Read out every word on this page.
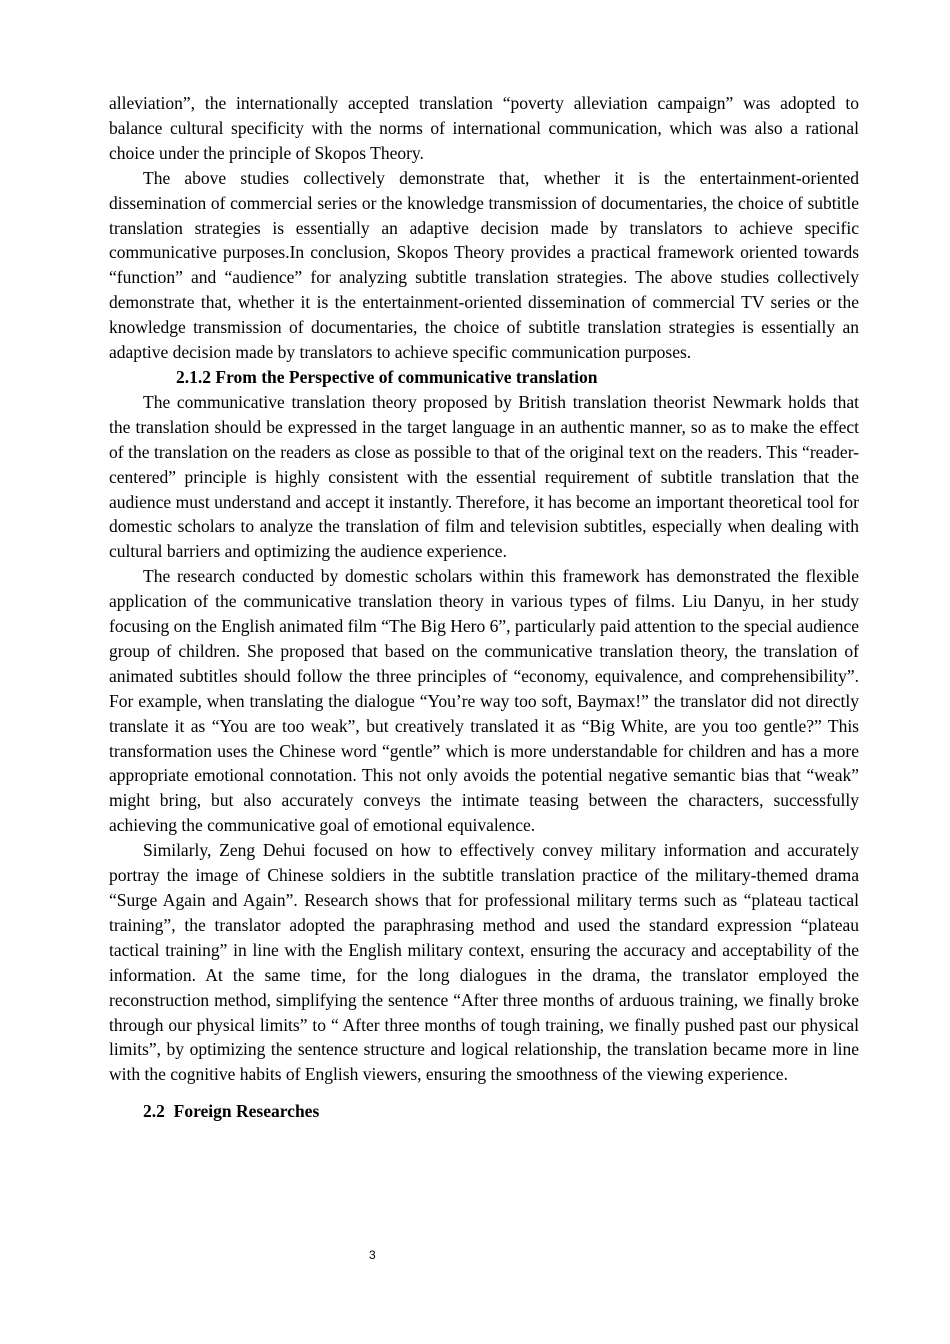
alleviation”, the internationally accepted translation “poverty alleviation campaign” was adopted to balance cultural specificity with the norms of international communication, which was also a rational choice under the principle of Skopos Theory.

The above studies collectively demonstrate that, whether it is the entertainment-oriented dissemination of commercial series or the knowledge transmission of documentaries, the choice of subtitle translation strategies is essentially an adaptive decision made by translators to achieve specific communicative purposes.In conclusion, Skopos Theory provides a practical framework oriented towards “function” and “audience” for analyzing subtitle translation strategies. The above studies collectively demonstrate that, whether it is the entertainment-oriented dissemination of commercial TV series or the knowledge transmission of documentaries, the choice of subtitle translation strategies is essentially an adaptive decision made by translators to achieve specific communication purposes.

2.1.2 From the Perspective of communicative translation

The communicative translation theory proposed by British translation theorist Newmark holds that the translation should be expressed in the target language in an authentic manner, so as to make the effect of the translation on the readers as close as possible to that of the original text on the readers. This “reader-centered” principle is highly consistent with the essential requirement of subtitle translation that the audience must understand and accept it instantly. Therefore, it has become an important theoretical tool for domestic scholars to analyze the translation of film and television subtitles, especially when dealing with cultural barriers and optimizing the audience experience.

The research conducted by domestic scholars within this framework has demonstrated the flexible application of the communicative translation theory in various types of films. Liu Danyu, in her study focusing on the English animated film “The Big Hero 6”, particularly paid attention to the special audience group of children. She proposed that based on the communicative translation theory, the translation of animated subtitles should follow the three principles of “economy, equivalence, and comprehensibility”. For example, when translating the dialogue “You’re way too soft, Baymax!” the translator did not directly translate it as “You are too weak”, but creatively translated it as “Big White, are you too gentle?” This transformation uses the Chinese word “gentle” which is more understandable for children and has a more appropriate emotional connotation. This not only avoids the potential negative semantic bias that “weak” might bring, but also accurately conveys the intimate teasing between the characters, successfully achieving the communicative goal of emotional equivalence.

Similarly, Zeng Dehui focused on how to effectively convey military information and accurately portray the image of Chinese soldiers in the subtitle translation practice of the military-themed drama “Surge Again and Again”. Research shows that for professional military terms such as “plateau tactical training”, the translator adopted the paraphrasing method and used the standard expression “plateau tactical training” in line with the English military context, ensuring the accuracy and acceptability of the information. At the same time, for the long dialogues in the drama, the translator employed the reconstruction method, simplifying the sentence “After three months of arduous training, we finally broke through our physical limits” to “ After three months of tough training, we finally pushed past our physical limits”, by optimizing the sentence structure and logical relationship, the translation became more in line with the cognitive habits of English viewers, ensuring the smoothness of the viewing experience.

2.2  Foreign Researches
3
